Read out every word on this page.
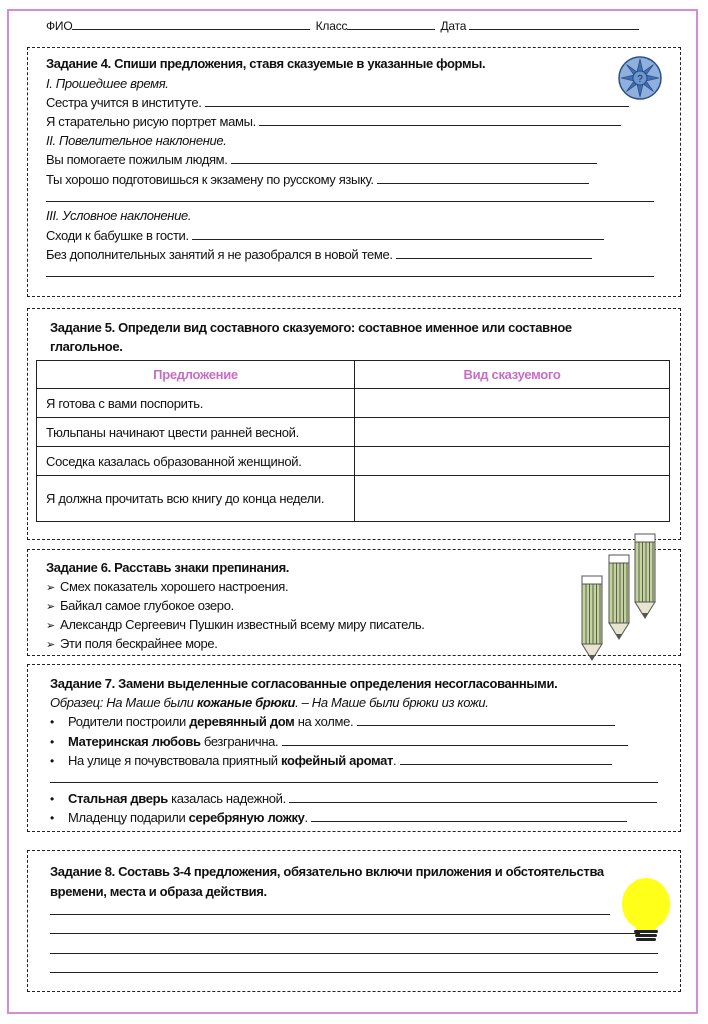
ФИО	Класс	Дата
?
Задание 4. Спиши предложения, ставя сказуемые в указанные формы.
I. Прошедшее время.
Сестра учится в институте.
Я старательно рисую портрет мамы.
II. Повелительное наклонение.
Вы помогаете пожилым людям.
Ты хорошо подготовишься к экзамену по русскому языку.
III. Условное наклонение.
Сходи к бабушке в гости.
Без дополнительных занятий я не разобрался в новой теме.
Задание 5. Определи вид составного сказуемого: составное именное или составное
глагольное.
Предложение	Вид сказуемого
Я готова с вами поспорить.	
Тюльпаны начинают цвести ранней весной.	
Соседка казалась образованной женщиной.	
Я должна прочитать всю книгу до конца недели.	
Задание 6. Расставь знаки препинания.
➢ Смех показатель хорошего настроения.
➢ Байкал самое глубокое озеро.
➢ Александр Сергеевич Пушкин известный всему миру писатель.
➢ Эти поля бескрайнее море.
Задание 7. Замени выделенные согласованные определения несогласованными.
Образец: На Маше были кожаные брюки. – На Маше были брюки из кожи.
• Родители построили деревянный дом на холме.
• Материнская любовь безгранична.
• На улице я почувствовала приятный кофейный аромат.
• Стальная дверь казалась надежной.
• Младенцу подарили серебряную ложку.
Задание 8. Составь 3-4 предложения, обязательно включи приложения и обстоятельства
времени, места и образа действия.
